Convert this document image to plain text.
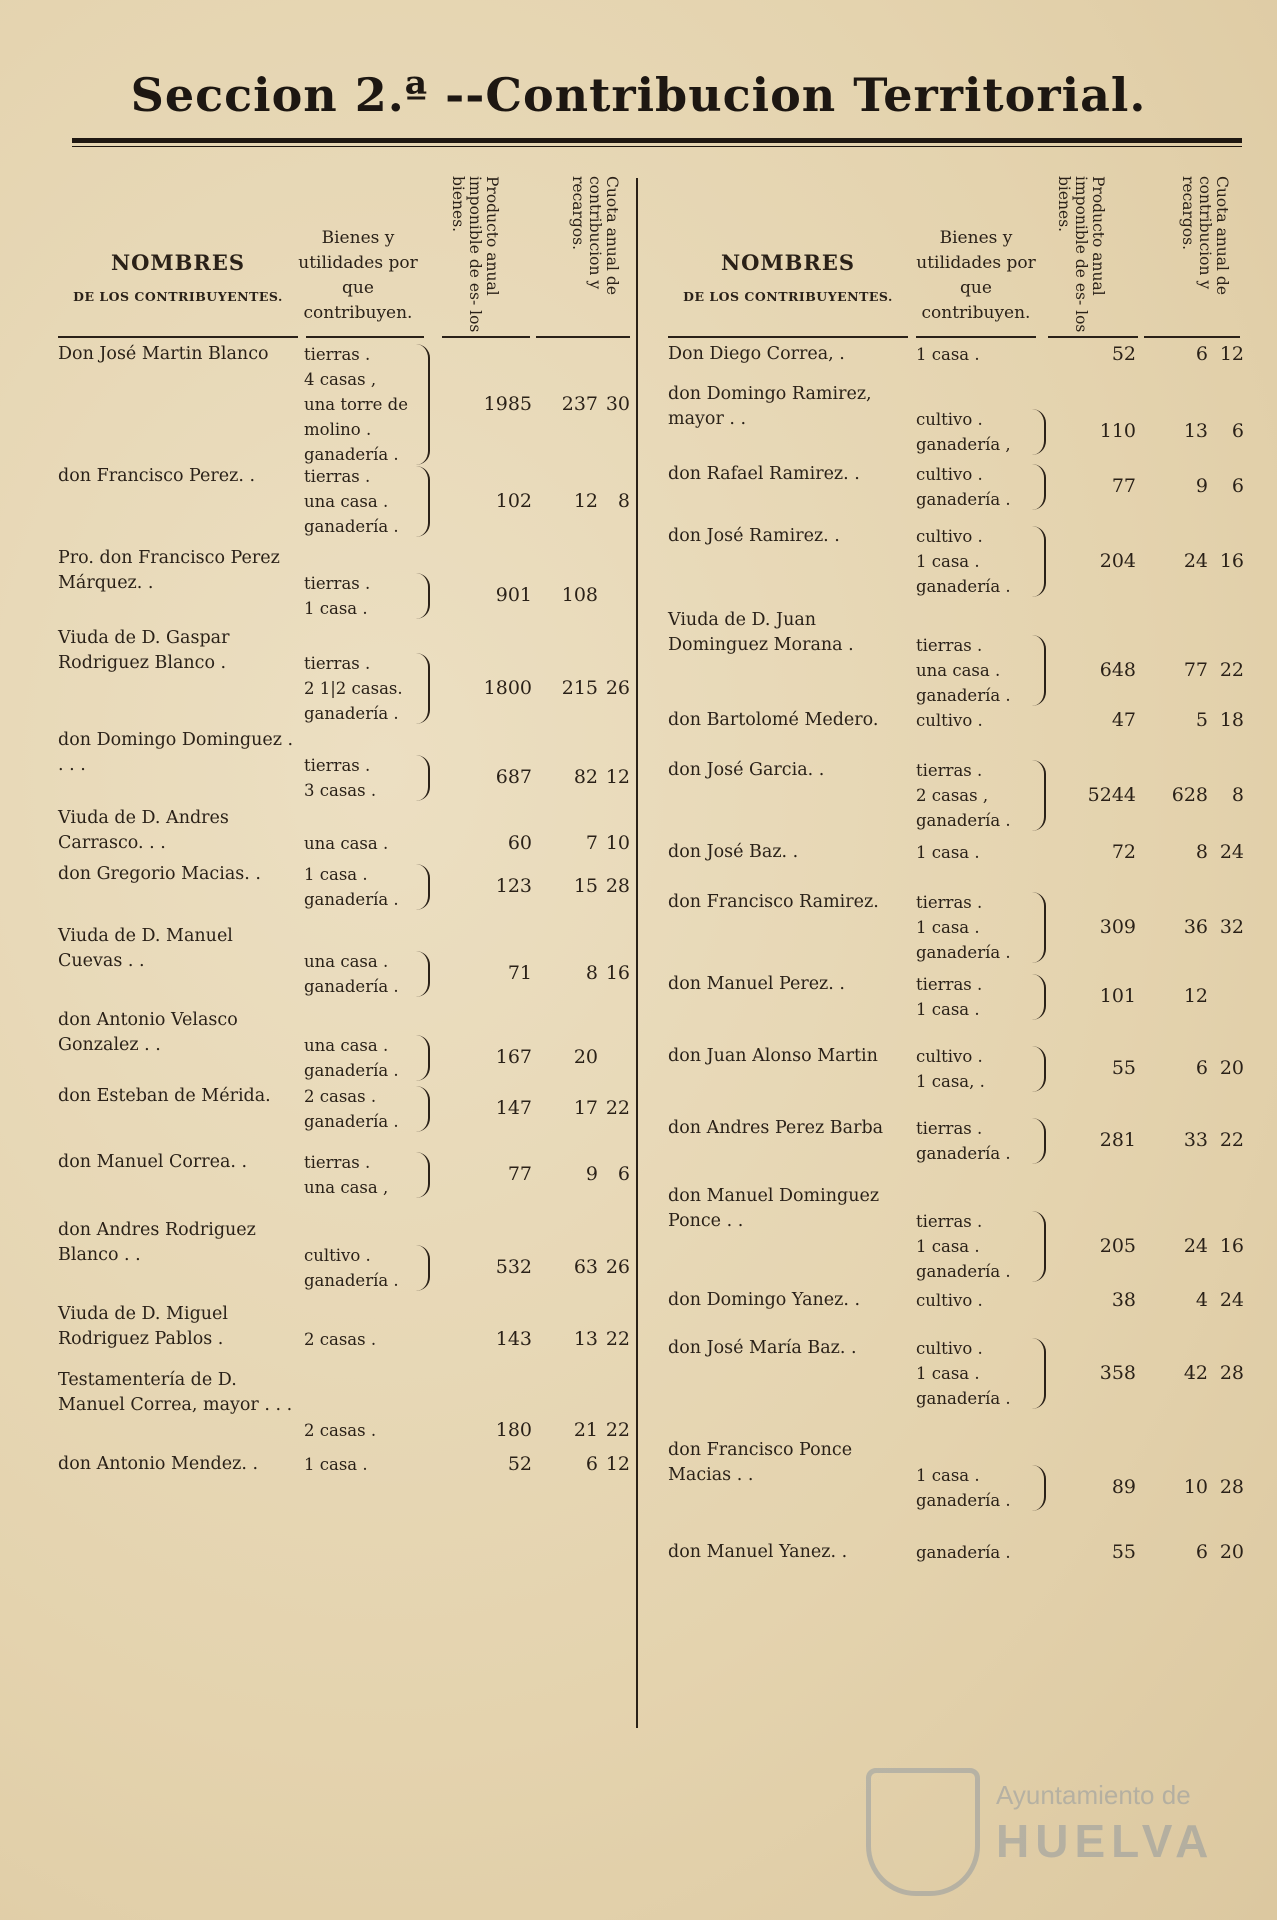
Seccion 2.ª --Contribucion Territorial.
NOMBRES
DE LOS CONTRIBUYENTES.
Bienes y utilidades por que contribuyen.
Producto anual imponible de es- los bienes.	Cuota anual de contribucion y recargos.
Don José Martin Blanco	tierras .
4 casas ,
una torre de
molino .
ganadería .
1985	237 30
don Francisco Perez. .	tierras .
una casa .
ganadería .
102	12	8
Pro. don Francisco Perez Márquez. .	tierras .
1 casa .
901	108
Viuda de D. Gaspar Rodriguez Blanco .	tierras .
2 1|2 casas.
ganadería .
1800	215 26
don Domingo Dominguez . . . .	tierras .
3 casas .
687	82 12
Viuda de D. Andres Carrasco. . .	una casa .	60	7 10
don Gregorio Macias. .	1 casa .
ganadería .
123	15 28
Viuda de D. Manuel Cuevas . .	una casa .
ganadería .
71	8 16
don Antonio Velasco Gonzalez . .	una casa .
ganadería .
167	20
don Esteban de Mérida.	2 casas .
ganadería .
147	17 22
don Manuel Correa. .	tierras .
una casa ,
77	9	6
don Andres Rodriguez Blanco . .	cultivo .
ganadería .
532	63 26
Viuda de D. Miguel Rodriguez Pablos .	2 casas .	143	13 22
Testamentería de D. Manuel Correa, mayor . . .
2 casas .	180	21 22
don Antonio Mendez. .	1 casa .	52	6 12
NOMBRES
DE LOS CONTRIBUYENTES.
Bienes y utilidades por que contribuyen.
Producto anual imponible de es- los bienes.	Cuota anual de contribucion y recargos.
Don Diego Correa, .	1 casa .	52	6 12
don Domingo Ramirez, mayor . .	cultivo .
ganadería ,
110	13	6
don Rafael Ramirez. .	cultivo .
ganadería .
77	9	6
don José Ramirez. .	cultivo .
1 casa .
ganadería .
204	24 16
Viuda de D. Juan Dominguez Morana .	tierras .
una casa .
ganadería .
648	77 22
don Bartolomé Medero.	cultivo .	47	5 18
don José Garcia. .	tierras .
2 casas ,
ganadería .
5244	628	8
don José Baz. .	1 casa .	72	8 24
don Francisco Ramirez.	tierras .
1 casa .
ganadería .
309	36 32
don Manuel Perez. .	tierras .
1 casa .
101	12
don Juan Alonso Martin	cultivo .
1 casa, .
55	6 20
don Andres Perez Barba	tierras .
ganadería .
281	33 22
don Manuel Dominguez Ponce . .	tierras .
1 casa .
ganadería .
205	24 16
don Domingo Yanez. .	cultivo .	38	4 24
don José María Baz. .	cultivo .
1 casa .
ganadería .
358	42 28
don Francisco Ponce Macias . .	1 casa .
ganadería .
89	10 28
don Manuel Yanez. .	ganadería .	55	6 20
Ayuntamiento de
HUELVA
